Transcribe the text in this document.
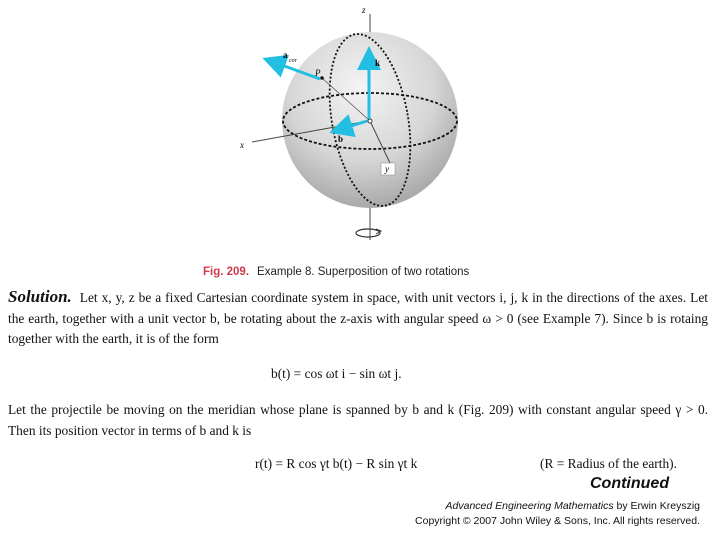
z
x
y
P
a
cor	k
b
Fig. 209. Example 8. Superposition of two rotations
Solution. Let x, y, z be a fixed Cartesian coordinate system in space, with unit vectors i, j, k in the directions of the axes. Let the earth, together with a unit vector b, be rotating about the z-axis with angular speed ω > 0 (see Example 7). Since b is rotaing together with the earth, it is of the form
b(t) = cos ωt i − sin ωt j.
Let the projectile be moving on the meridian whose plane is spanned by b and k (Fig. 209) with constant angular speed γ > 0. Then its position vector in terms of b and k is
r(t) = R cos γt b(t) − R sin γt k	(R = Radius of the earth).
Continued
Advanced Engineering Mathematics by Erwin Kreyszig
Copyright © 2007 John Wiley & Sons, Inc. All rights reserved.
